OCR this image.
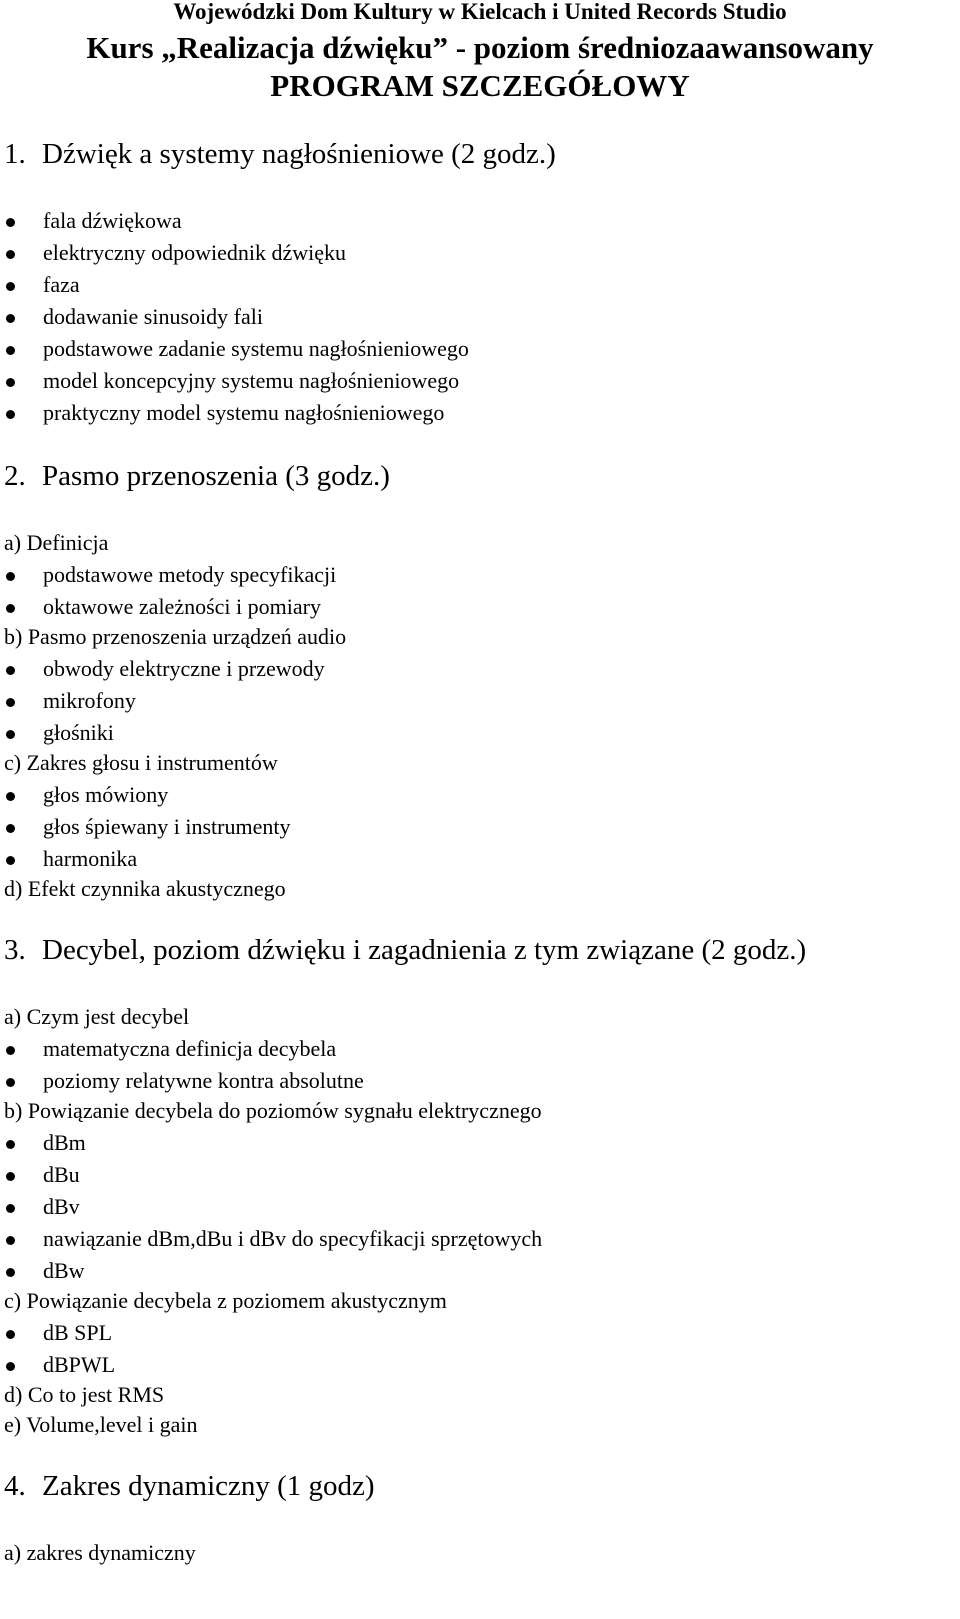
Wojewódzki Dom Kultury w Kielcach i United Records Studio
Kurs „Realizacja dźwięku” - poziom średniozaawansowany
PROGRAM SZCZEGÓŁOWY
1. Dźwięk a systemy nagłośnieniowe (2 godz.)
fala dźwiękowa
elektryczny odpowiednik dźwięku
faza
dodawanie sinusoidy fali
podstawowe zadanie systemu nagłośnieniowego
model koncepcyjny systemu nagłośnieniowego
praktyczny model systemu nagłośnieniowego
2. Pasmo przenoszenia (3 godz.)
a) Definicja
podstawowe metody specyfikacji
oktawowe zależności i pomiary
b) Pasmo przenoszenia urządzeń audio
obwody elektryczne i przewody
mikrofony
głośniki
c) Zakres głosu i instrumentów
głos mówiony
głos śpiewany i instrumenty
harmonika
d) Efekt czynnika akustycznego
3. Decybel, poziom dźwięku i zagadnienia z tym związane (2 godz.)
a) Czym jest decybel
matematyczna definicja decybela
poziomy relatywne kontra absolutne
b) Powiązanie decybela do poziomów sygnału elektrycznego
dBm
dBu
dBv
nawiązanie dBm,dBu i dBv do specyfikacji sprzętowych
dBw
c) Powiązanie decybela z poziomem akustycznym
dB SPL
dBPWL
d) Co to jest RMS
e) Volume,level i gain
4. Zakres dynamiczny (1 godz)
a) zakres dynamiczny
